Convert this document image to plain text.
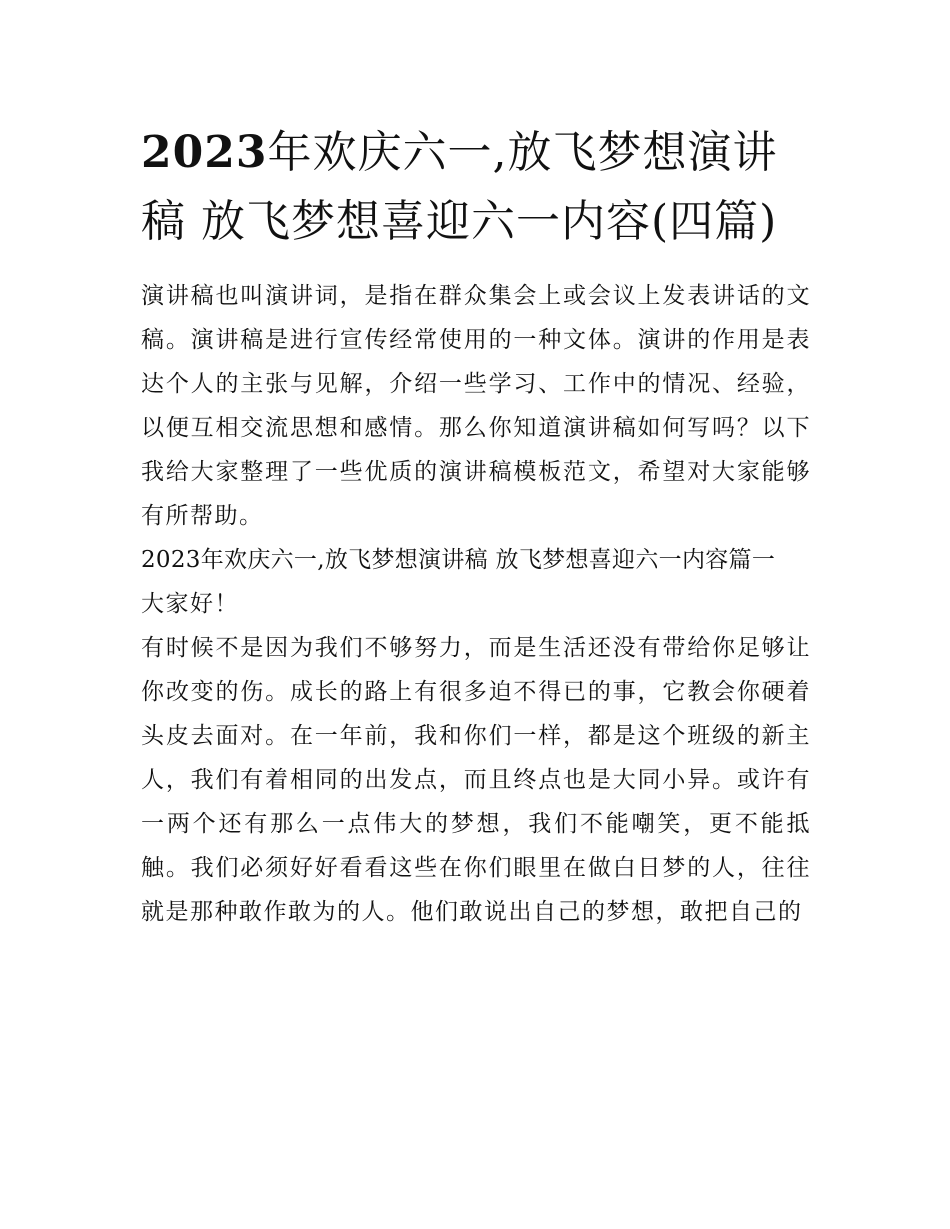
2023年欢庆六一,放飞梦想演讲稿 放飞梦想喜迎六一内容(四篇)

演讲稿也叫演讲词，是指在群众集会上或会议上发表讲话的文稿。演讲稿是进行宣传经常使用的一种文体。演讲的作用是表达个人的主张与见解，介绍一些学习、工作中的情况、经验，以便互相交流思想和感情。那么你知道演讲稿如何写吗？以下我给大家整理了一些优质的演讲稿模板范文，希望对大家能够有所帮助。

2023年欢庆六一,放飞梦想演讲稿 放飞梦想喜迎六一内容篇一

大家好！

有时候不是因为我们不够努力，而是生活还没有带给你足够让你改变的伤。成长的路上有很多迫不得已的事，它教会你硬着头皮去面对。在一年前，我和你们一样，都是这个班级的新主人，我们有着相同的出发点，而且终点也是大同小异。或许有一两个还有那么一点伟大的梦想，我们不能嘲笑，更不能抵触。我们必须好好看看这些在你们眼里在做白日梦的人，往往就是那种敢作敢为的人。他们敢说出自己的梦想，敢把自己的
